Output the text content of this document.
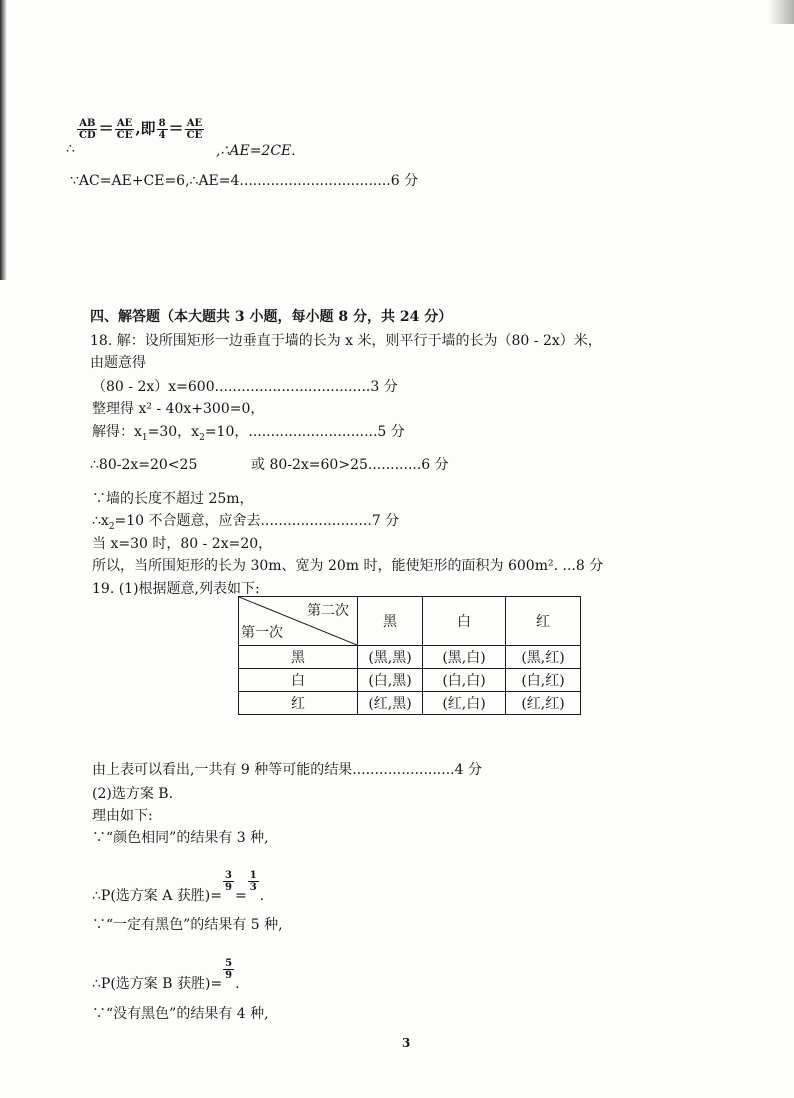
∴
$\frac{AB}{CD} = \frac{AE}{CE}$ ,即 $\frac{8}{4} = \frac{AE}{CE}$
,∴AE=2CE.
∵AC=AE+CE=6,∴AE=4..................................6 分
四、解答题（本大题共 3 小题，每小题 8 分，共 24 分）
18. 解：设所围矩形一边垂直于墙的长为 x 米，则平行于墙的长为（80 - 2x）米，
由题意得
（80 - 2x）x=600...................................3 分
整理得 x² - 40x+300=0，
解得：$x_1=30$，$x_2=10$，.............................5 分
∴80-2x=20<25	或 80-2x=60>25............6 分
∵墙的长度不超过 25m，
$\therefore x_2=10$ 不合题意，应舍去.........................7 分
当 x=30 时，80 - 2x=20，
所以，当所围矩形的长为 30m、宽为 20m 时，能使矩形的面积为 600m². ...8 分
19. (1)根据题意,列表如下:
第二次
第一次	黑	白	红
黑	(黑,黑)	(黑,白)	(黑,红)
白	(白,黑)	(白,白)	(白,红)
红	(红,黑)	(红,白)	(红,红)
由上表可以看出,一共有 9 种等可能的结果.......................4 分
(2)选方案 B.
理由如下:
∵“颜色相同”的结果有 3 种,
∴P(选方案 A 获胜)=
$\frac{3}{9}$
=
$\frac{1}{3}$
.
∵“一定有黑色”的结果有 5 种,
∴P(选方案 B 获胜)=
$\frac{5}{9}$
.
∵“没有黑色”的结果有 4 种,
3
